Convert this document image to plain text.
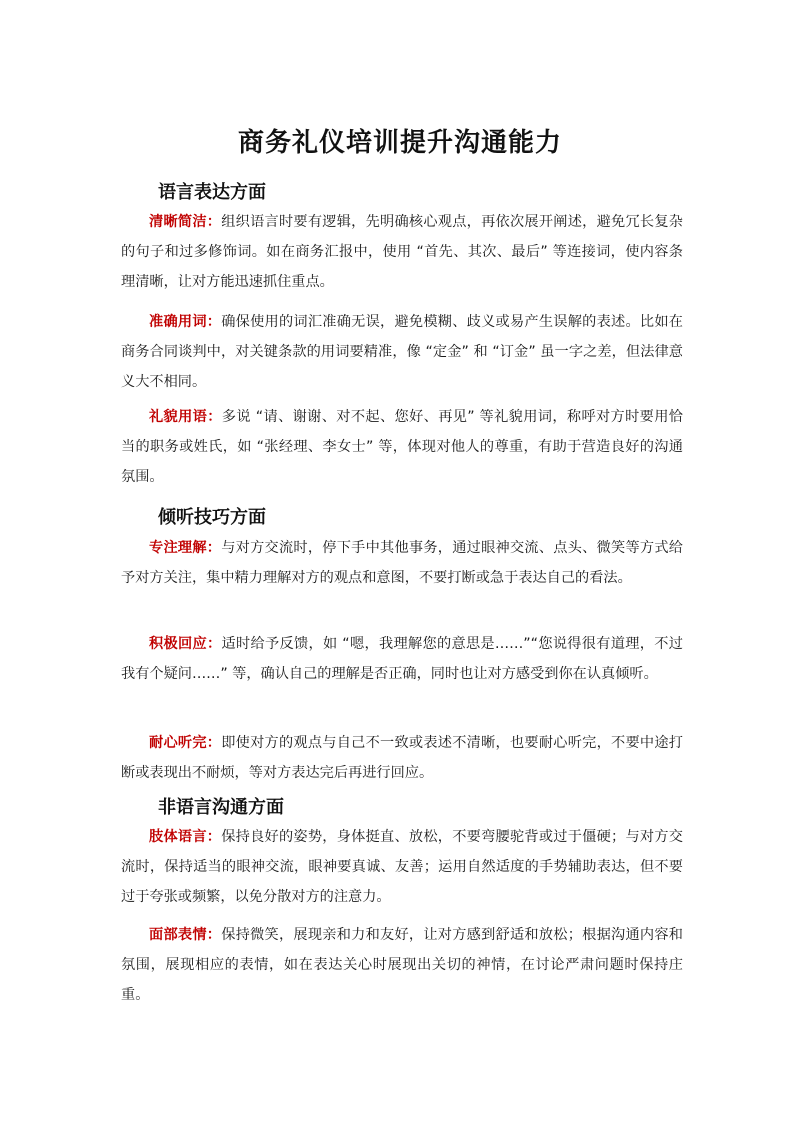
商务礼仪培训提升沟通能力
语言表达方面

清晰简洁：组织语言时要有逻辑，先明确核心观点，再依次展开阐述，避免冗长复杂的句子和过多修饰词。如在商务汇报中，使用 “首先、其次、最后” 等连接词，使内容条理清晰，让对方能迅速抓住重点。

准确用词：确保使用的词汇准确无误，避免模糊、歧义或易产生误解的表述。比如在商务合同谈判中，对关键条款的用词要精准，像 “定金” 和 “订金” 虽一字之差，但法律意义大不相同。

礼貌用语：多说 “请、谢谢、对不起、您好、再见” 等礼貌用词，称呼对方时要用恰当的职务或姓氏，如 “张经理、李女士” 等，体现对他人的尊重，有助于营造良好的沟通氛围。

倾听技巧方面

专注理解：与对方交流时，停下手中其他事务，通过眼神交流、点头、微笑等方式给予对方关注，集中精力理解对方的观点和意图，不要打断或急于表达自己的看法。

积极回应：适时给予反馈，如 “嗯，我理解您的意思是……”“您说得很有道理，不过我有个疑问……” 等，确认自己的理解是否正确，同时也让对方感受到你在认真倾听。

耐心听完：即使对方的观点与自己不一致或表述不清晰，也要耐心听完，不要中途打断或表现出不耐烦，等对方表达完后再进行回应。

非语言沟通方面

肢体语言：保持良好的姿势，身体挺直、放松，不要弯腰驼背或过于僵硬；与对方交流时，保持适当的眼神交流，眼神要真诚、友善；运用自然适度的手势辅助表达，但不要过于夸张或频繁，以免分散对方的注意力。

面部表情：保持微笑，展现亲和力和友好，让对方感到舒适和放松；根据沟通内容和氛围，展现相应的表情，如在表达关心时展现出关切的神情，在讨论严肃问题时保持庄重。
